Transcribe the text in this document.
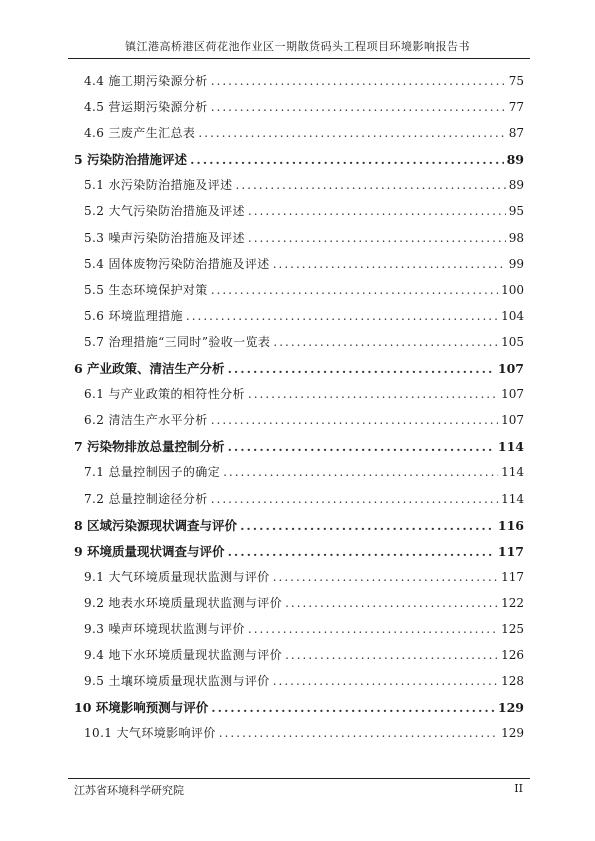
镇江港高桥港区荷花池作业区一期散货码头工程项目环境影响报告书
4.4 施工期污染源分析 .....	75
4.5 营运期污染源分析 .....	77
4.6 三废产生汇总表 .....	87
5 污染防治措施评述 .....	89
5.1 水污染防治措施及评述 .....	89
5.2 大气污染防治措施及评述 .....	95
5.3 噪声污染防治措施及评述 .....	98
5.4 固体废物污染防治措施及评述 .....	99
5.5 生态环境保护对策 .....	100
5.6 环境监理措施 .....	104
5.7 治理措施“三同时”验收一览表 .....	105
6 产业政策、清洁生产分析 .....	107
6.1 与产业政策的相符性分析 .....	107
6.2 清洁生产水平分析 .....	107
7 污染物排放总量控制分析 .....	114
7.1 总量控制因子的确定 .....	114
7.2 总量控制途径分析 .....	114
8 区域污染源现状调查与评价 .....	116
9 环境质量现状调查与评价 .....	117
9.1 大气环境质量现状监测与评价 .....	117
9.2 地表水环境质量现状监测与评价 .....	122
9.3 噪声环境现状监测与评价 .....	125
9.4 地下水环境质量现状监测与评价 .....	126
9.5 土壤环境质量现状监测与评价 .....	128
10 环境影响预测与评价 .....	129
10.1 大气环境影响评价 .....	129
江苏省环境科学研究院	II
